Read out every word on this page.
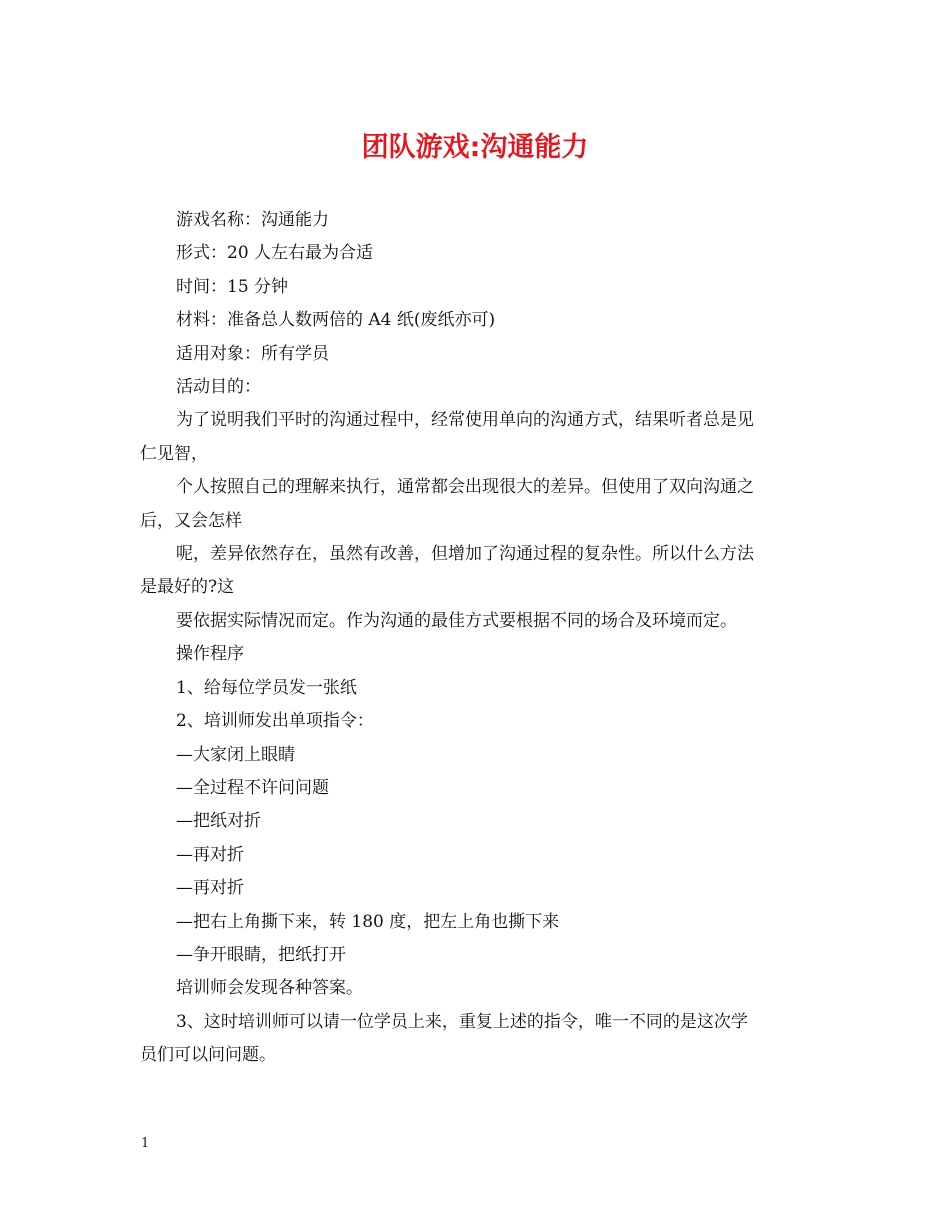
团队游戏:沟通能力

游戏名称：沟通能力

形式：20 人左右最为合适

时间：15 分钟

材料：准备总人数两倍的 A4 纸(废纸亦可)

适用对象：所有学员

活动目的：

为了说明我们平时的沟通过程中，经常使用单向的沟通方式，结果听者总是见

仁见智，

个人按照自己的理解来执行，通常都会出现很大的差异。但使用了双向沟通之

后，又会怎样

呢，差异依然存在，虽然有改善，但增加了沟通过程的复杂性。所以什么方法

是最好的?这

要依据实际情况而定。作为沟通的最佳方式要根据不同的场合及环境而定。

操作程序

1、给每位学员发一张纸

2、培训师发出单项指令：

—大家闭上眼睛

—全过程不许问问题

—把纸对折

—再对折

—再对折

—把右上角撕下来，转 180 度，把左上角也撕下来

—争开眼睛，把纸打开

培训师会发现各种答案。

3、这时培训师可以请一位学员上来，重复上述的指令，唯一不同的是这次学

员们可以问问题。

1
